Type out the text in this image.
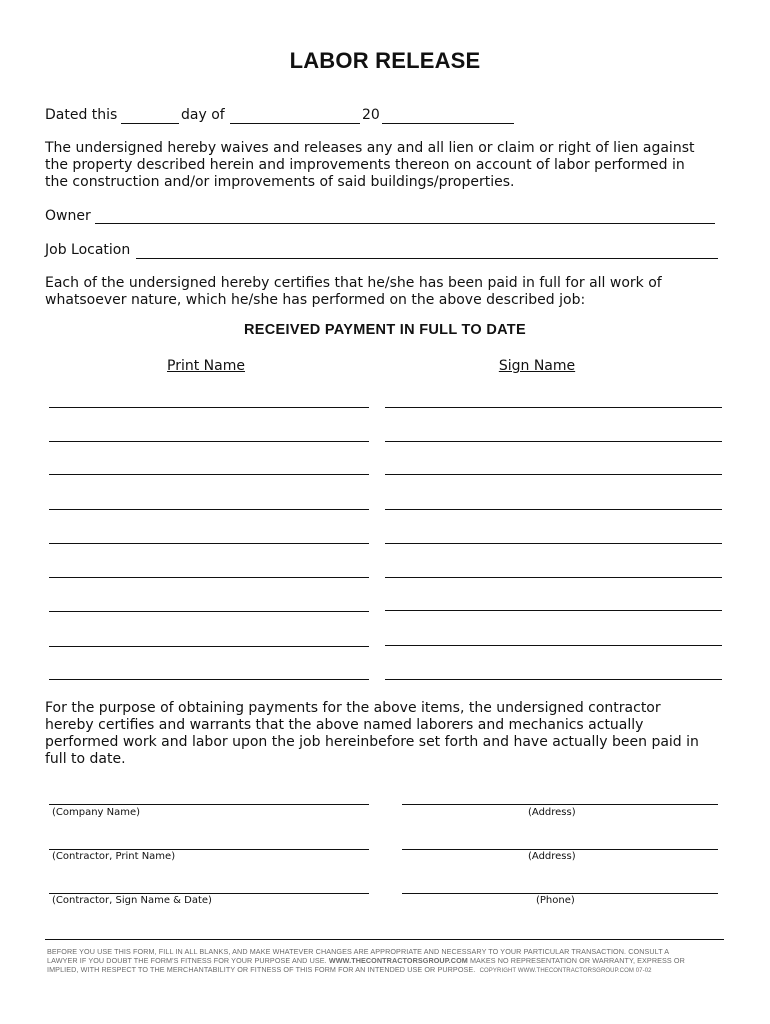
LABOR RELEASE
Dated this	day of	20
The undersigned hereby waives and releases any and all lien or claim or right of lien against
the property described herein and improvements thereon on account of labor performed in
the construction and/or improvements of said buildings/properties.
Owner
Job Location
Each of the undersigned hereby certifies that he/she has been paid in full for all work of
whatsoever nature, which he/she has performed on the above described job:
RECEIVED PAYMENT IN FULL TO DATE
Print Name	Sign Name
For the purpose of obtaining payments for the above items, the undersigned contractor
hereby certifies and warrants that the above named laborers and mechanics actually
performed work and labor upon the job hereinbefore set forth and have actually been paid in
full to date.
(Company Name)	(Address)
(Contractor, Print Name)	(Address)
(Contractor, Sign Name & Date)	(Phone)
BEFORE YOU USE THIS FORM, FILL IN ALL BLANKS, AND MAKE WHATEVER CHANGES ARE APPROPRIATE AND NECESSARY TO YOUR PARTICULAR TRANSACTION. CONSULT A
LAWYER IF YOU DOUBT THE FORM'S FITNESS FOR YOUR PURPOSE AND USE. WWW.THECONTRACTORSGROUP.COM MAKES NO REPRESENTATION OR WARRANTY, EXPRESS OR
IMPLIED, WITH RESPECT TO THE MERCHANTABILITY OR FITNESS OF THIS FORM FOR AN INTENDED USE OR PURPOSE. COPYRIGHT WWW.THECONTRACTORSGROUP.COM 07-02
